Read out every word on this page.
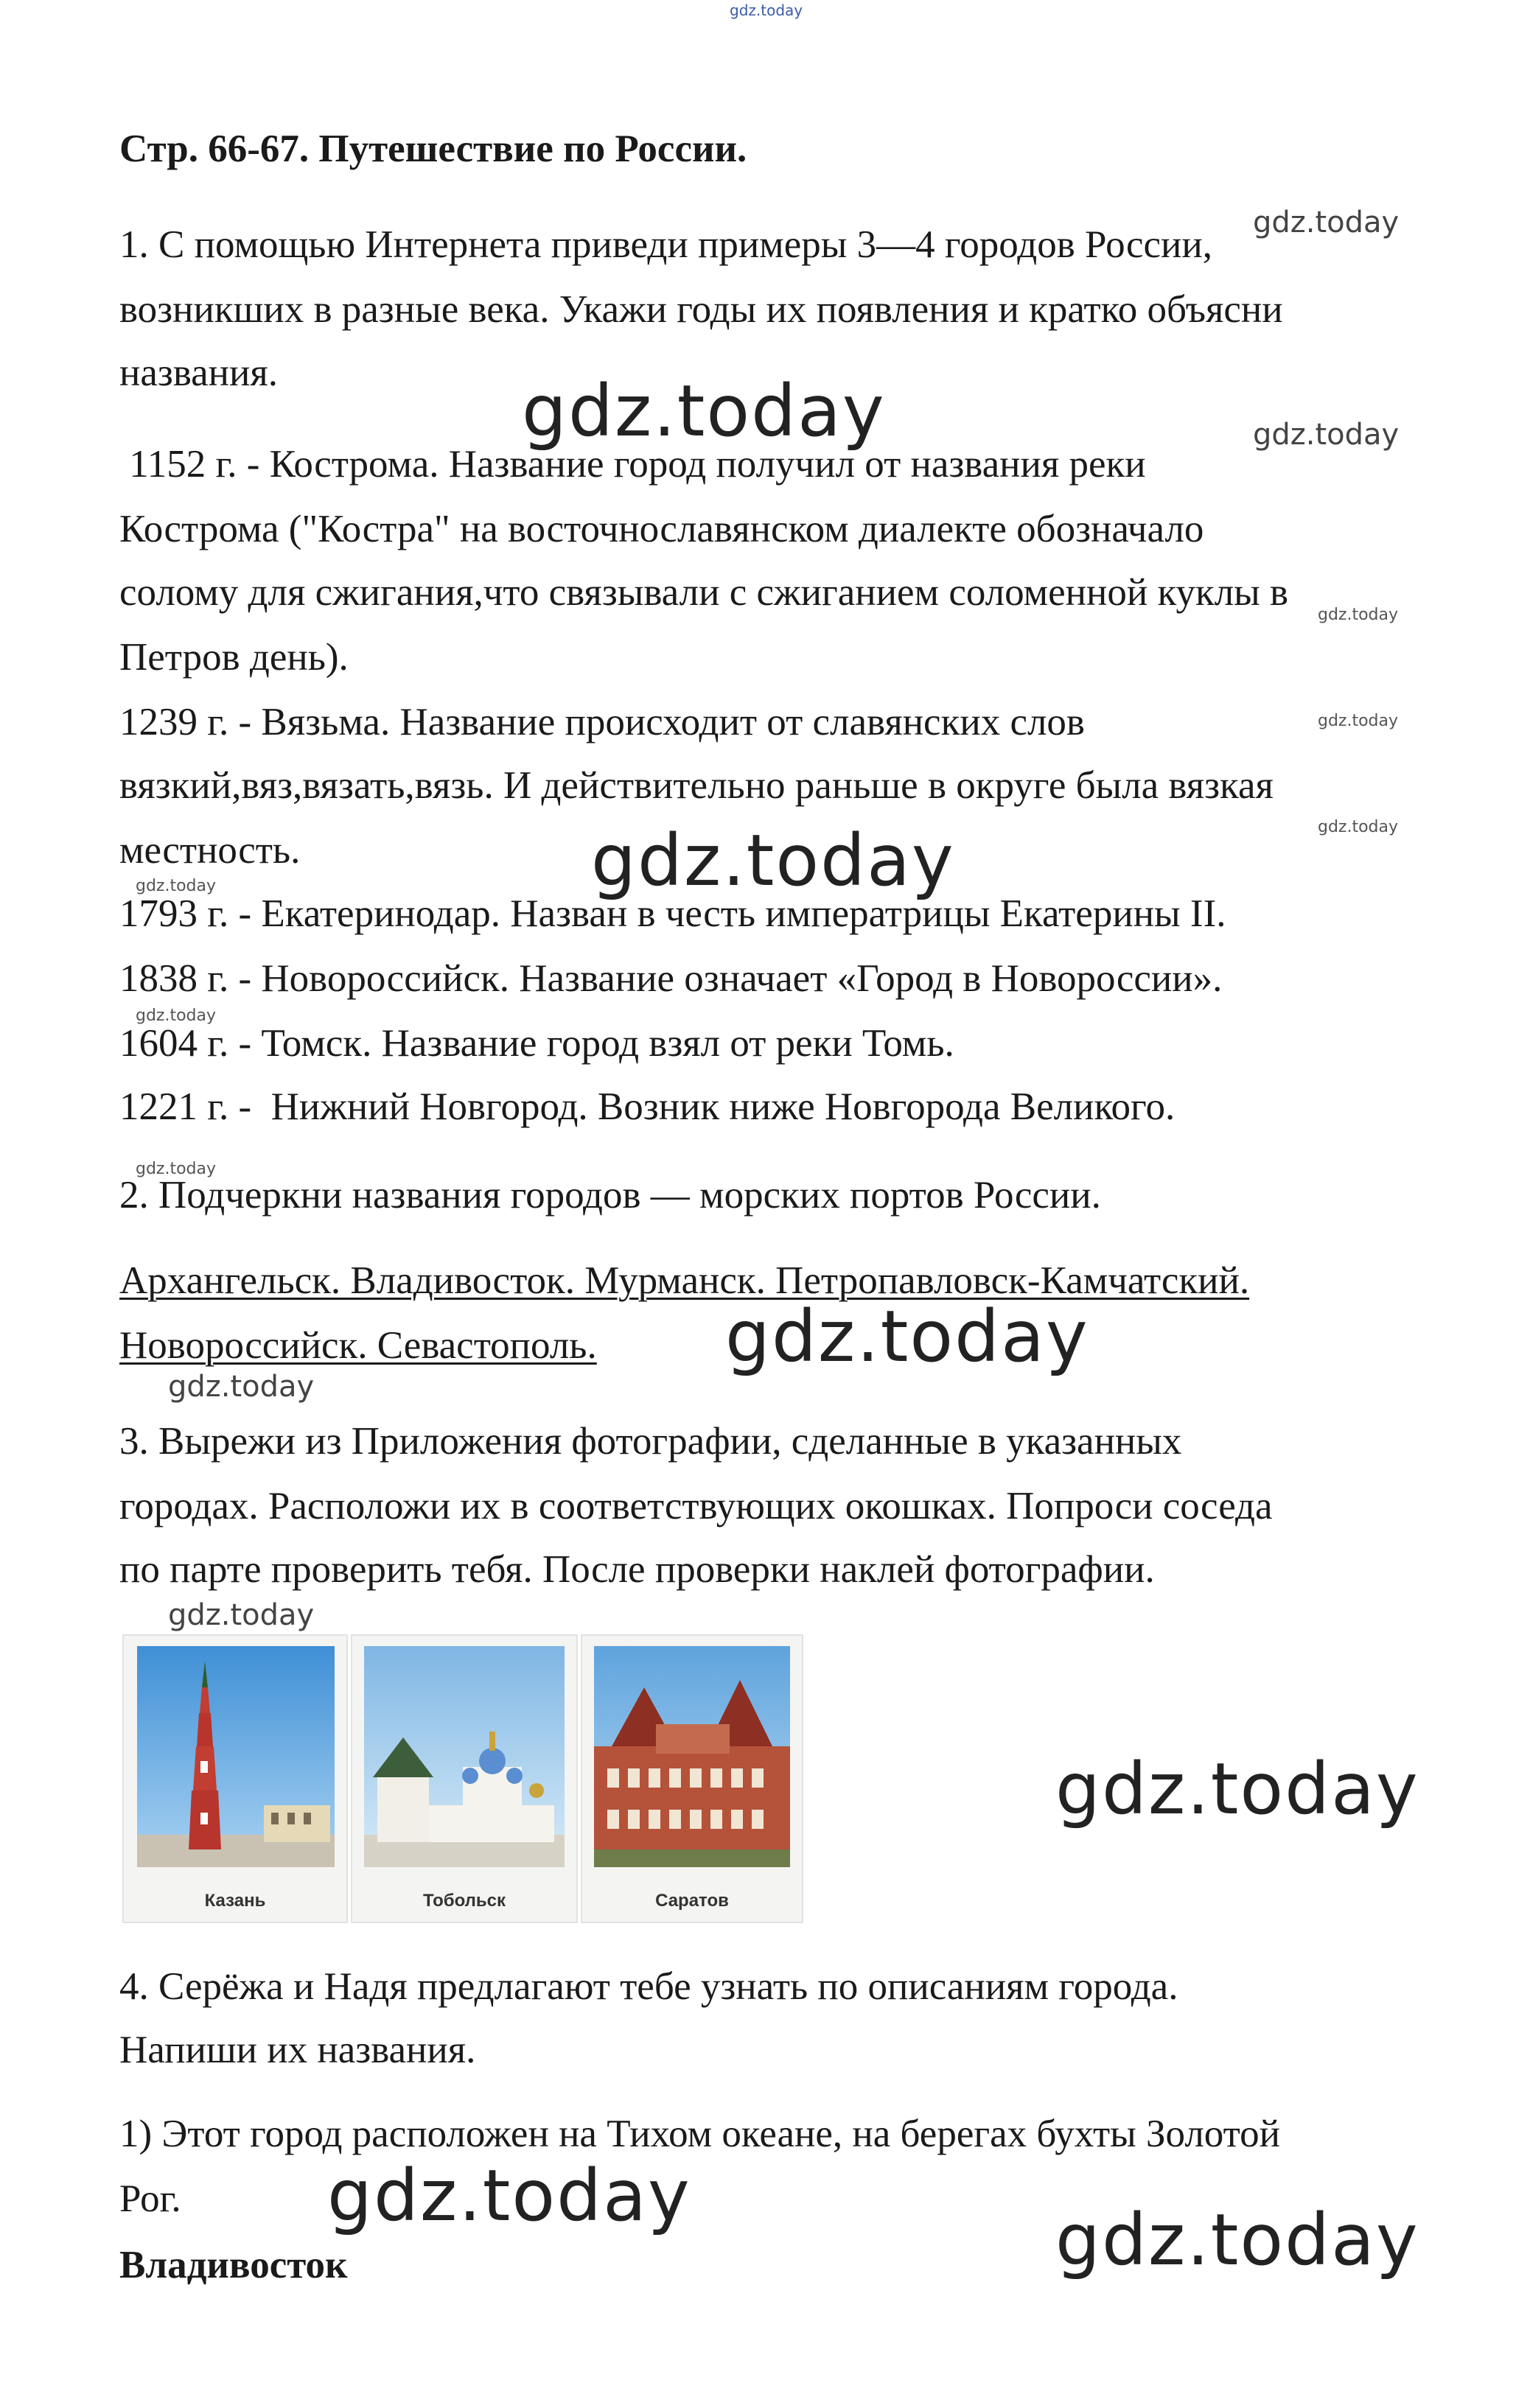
gdz.today
Стр. 66-67. Путешествие по России.
1. С помощью Интернета приведи примеры 3—4 городов России,
возникших в разные века. Укажи годы их появления и кратко объясни
названия.
1152 г. - Кострома. Название город получил от названия реки
Кострома ("Костра" на восточнославянском диалекте обозначало
солому для сжигания,что связывали с сжиганием соломенной куклы в
Петров день).
1239 г. - Вязьма. Название происходит от славянских слов
вязкий,вяз,вязать,вязь. И действительно раньше в округе была вязкая
местность.
1793 г. - Екатеринодар. Назван в честь императрицы Екатерины II.
1838 г. - Новороссийск. Название означает «Город в Новороссии».
1604 г. - Томск. Название город взял от реки Томь.
1221 г. -  Нижний Новгород. Возник ниже Новгорода Великого.
2. Подчеркни названия городов — морских портов России.
Архангельск. Владивосток. Мурманск. Петропавловск-Камчатский.
Новороссийск. Севастополь.
3. Вырежи из Приложения фотографии, сделанные в указанных
городах. Расположи их в соответствующих окошках. Попроси соседа
по парте проверить тебя. После проверки наклей фотографии.
Казань	Тобольск	Саратов
4. Серёжа и Надя предлагают тебе узнать по описаниям города.
Напиши их названия.
1) Этот город расположен на Тихом океане, на берегах бухты Золотой
Рог.
Владивосток
gdz.today
gdz.today	gdz.today
gdz.today
gdz.today
gdz.today
gdz.today
gdz.today
gdz.today
gdz.today
gdz.today
gdz.today
gdz.today
gdz.today
gdz.today
gdz.today
